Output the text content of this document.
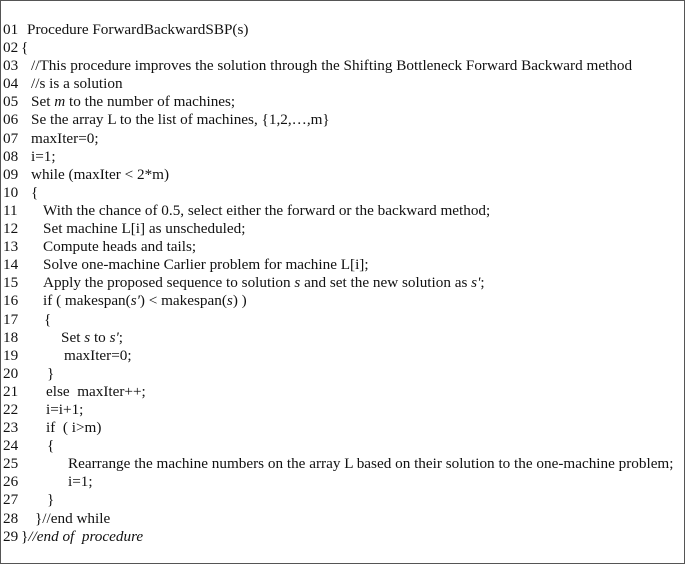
01 Procedure ForwardBackwardSBP(s)
02 {
03 //This procedure improves the solution through the Shifting Bottleneck Forward Backward method
04 //s is a solution
05 Set m to the number of machines;
06 Se the array L to the list of machines, {1,2,…,m}
07 maxIter=0;
08 i=1;
09 while (maxIter < 2*m)
10 {
11 With the chance of 0.5, select either the forward or the backward method;
12 Set machine L[i] as unscheduled;
13 Compute heads and tails;
14 Solve one-machine Carlier problem for machine L[i];
15 Apply the proposed sequence to solution s and set the new solution as s';
16 if ( makespan(s') < makespan(s) )
17 {
18	Set s to s';
19	maxIter=0;
20 }
21 else  maxIter++;
22 i=i+1;
23 if  ( i>m)
24 {
25	Rearrange the machine numbers on the array L based on their solution to the one-machine problem;
26	i=1;
27 }
28 }//end while
29 }//end of  procedure
